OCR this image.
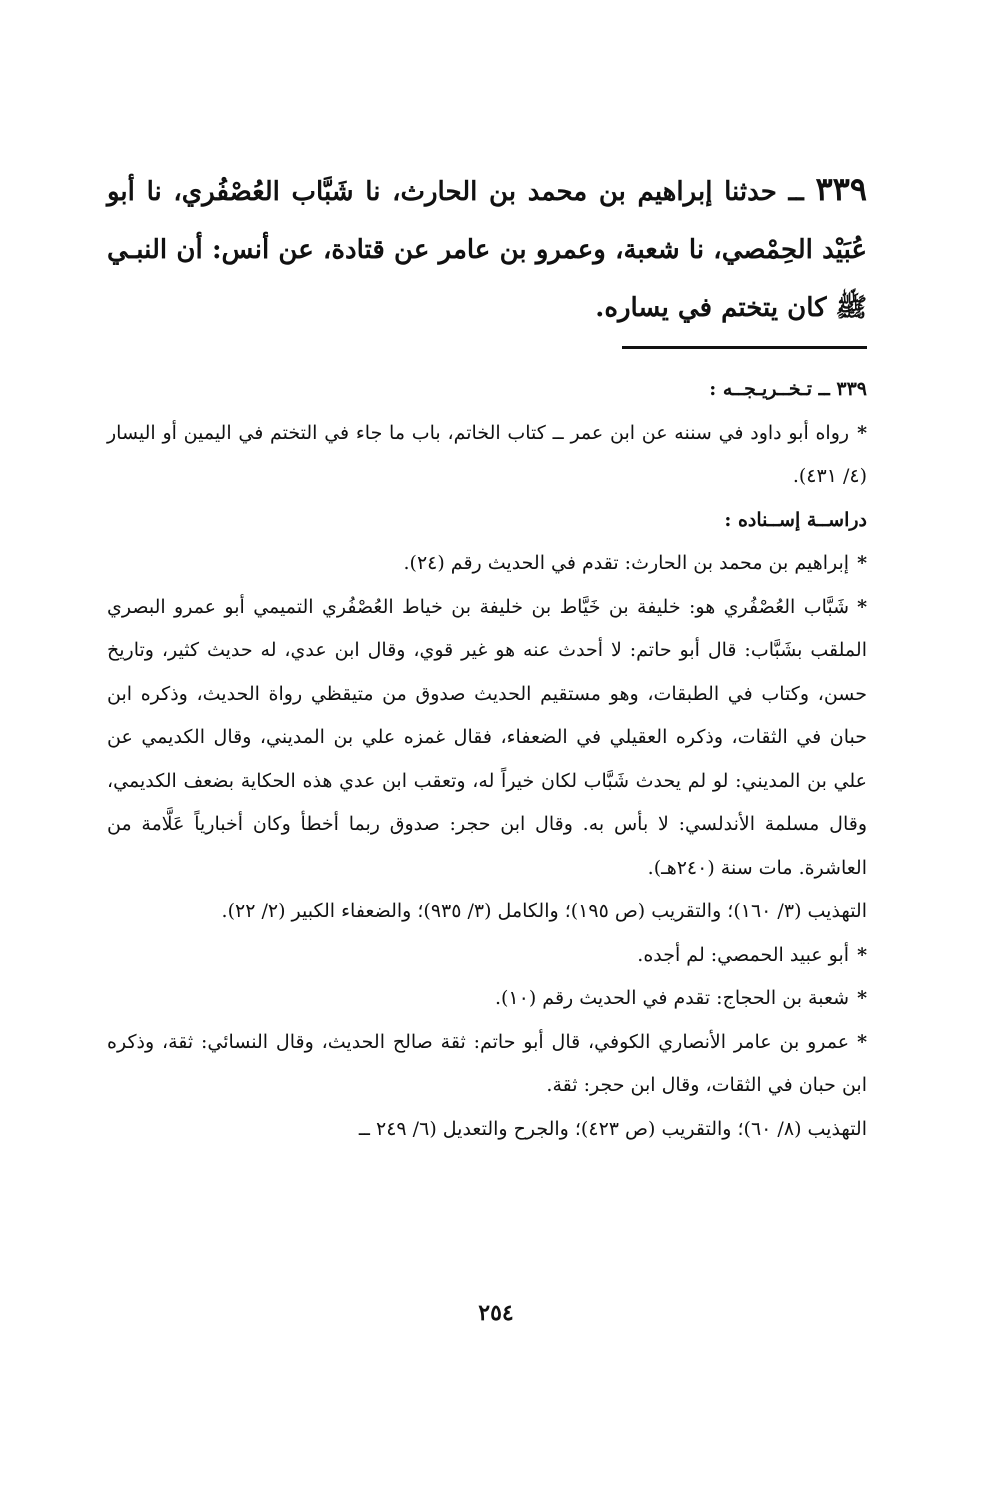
٣٣٩ ــ حدثنا إبراهيم بن محمد بن الحارث، نا شَبَّاب العُصْفُري، نا أبو عُبَيْد الحِمْصي، نا شعبة، وعمرو بن عامر عن قتادة، عن أنس: أن النبـي ﷺ كان يتختم في يساره.

٣٣٩ ــ تـخــريـجــه :

*رواه أبو داود في سننه عن ابن عمر ــ كتاب الخاتم، باب ما جاء في التختم في اليمين أو اليسار (٤/ ٤٣١).

دراســة إســناده :

*إبراهيم بن محمد بن الحارث: تقدم في الحديث رقم (٢٤).

*شَبَّاب العُصْفُري هو: خليفة بن خَيَّاط بن خليفة بن خياط العُصْفُري التميمي أبو عمرو البصري الملقب بشَبَّاب: قال أبو حاتم: لا أحدث عنه هو غير قوي، وقال ابن عدي، له حديث كثير، وتاريخ حسن، وكتاب في الطبقات، وهو مستقيم الحديث صدوق من متيقظي رواة الحديث، وذكره ابن حبان في الثقات، وذكره العقيلي في الضعفاء، فقال غمزه علي بن المديني، وقال الكديمي عن علي بن المديني: لو لم يحدث شَبَّاب لكان خيراً له، وتعقب ابن عدي هذه الحكاية بضعف الكديمي، وقال مسلمة الأندلسي: لا بأس به. وقال ابن حجر: صدوق ربما أخطأ وكان أخبارياً عَلَّامة من العاشرة. مات سنة (٢٤٠هـ).

التهذيب (٣/ ١٦٠)؛ والتقريب (ص ١٩٥)؛ والكامل (٣/ ٩٣٥)؛ والضعفاء الكبير (٢/ ٢٢).

*أبو عبيد الحمصي: لم أجده.

*شعبة بن الحجاج: تقدم في الحديث رقم (١٠).

*عمرو بن عامر الأنصاري الكوفي، قال أبو حاتم: ثقة صالح الحديث، وقال النسائي: ثقة، وذكره ابن حبان في الثقات، وقال ابن حجر: ثقة.

التهذيب (٨/ ٦٠)؛ والتقريب (ص ٤٢٣)؛ والجرح والتعديل (٦/ ٢٤٩ ــ

٢٥٤
